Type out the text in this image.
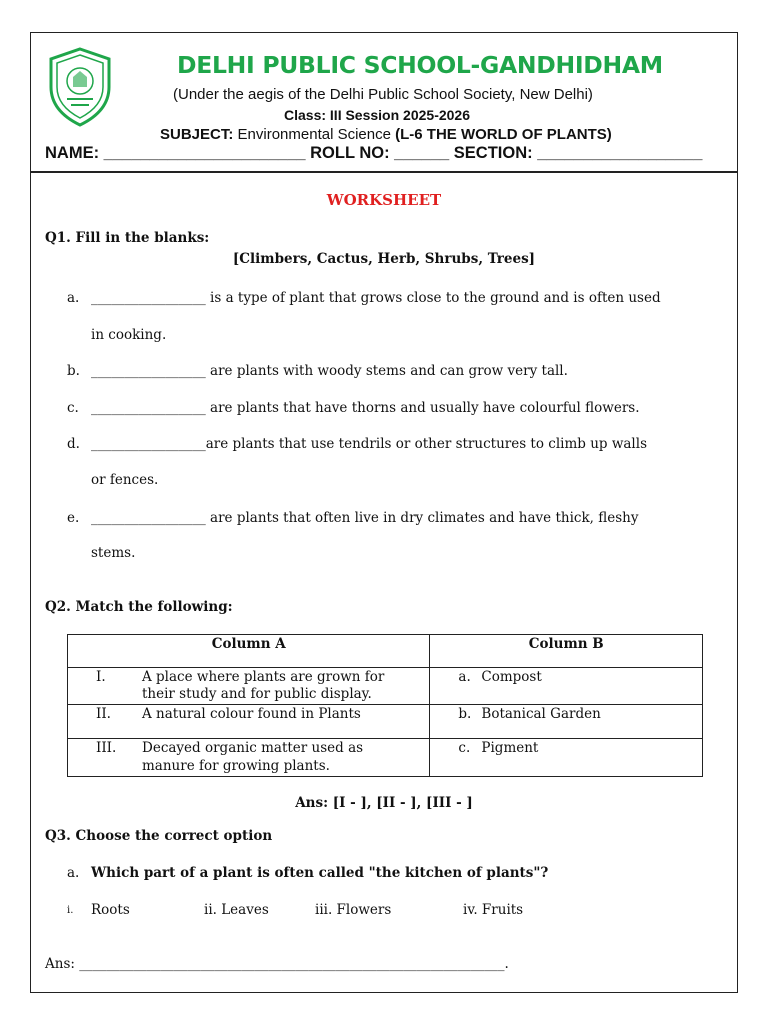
DELHI PUBLIC SCHOOL-GANDHIDHAM
(Under the aegis of the Delhi Public School Society, New Delhi)
Class: III Session 2025-2026
SUBJECT: Environmental Science (L-6 THE WORLD OF PLANTS)
NAME: ______________________ ROLL NO: ______ SECTION: __________________
WORKSHEET
Q1. Fill in the blanks:
[Climbers, Cactus, Herb, Shrubs, Trees]
a. _________________ is a type of plant that grows close to the ground and is often used
in cooking.
b. _________________ are plants with woody stems and can grow very tall.
c. _________________ are plants that have thorns and usually have colourful flowers.
d. _________________are plants that use tendrils or other structures to climb up walls
or fences.
e. _________________ are plants that often live in dry climates and have thick, fleshy
stems.
Q2. Match the following:
Column A	Column B

I. A place where plants are grown for
their study and for public display.	a. Compost

II. A natural colour found in Plants	b. Botanical Garden

III. Decayed organic matter used as
manure for growing plants.	c. Pigment
Ans: [I - ], [II - ], [III - ]
Q3. Choose the correct option
a. Which part of a plant is often called "the kitchen of plants"?
i. Roots	ii. Leaves	iii. Flowers	iv. Fruits
Ans: _______________________________________________________________.
